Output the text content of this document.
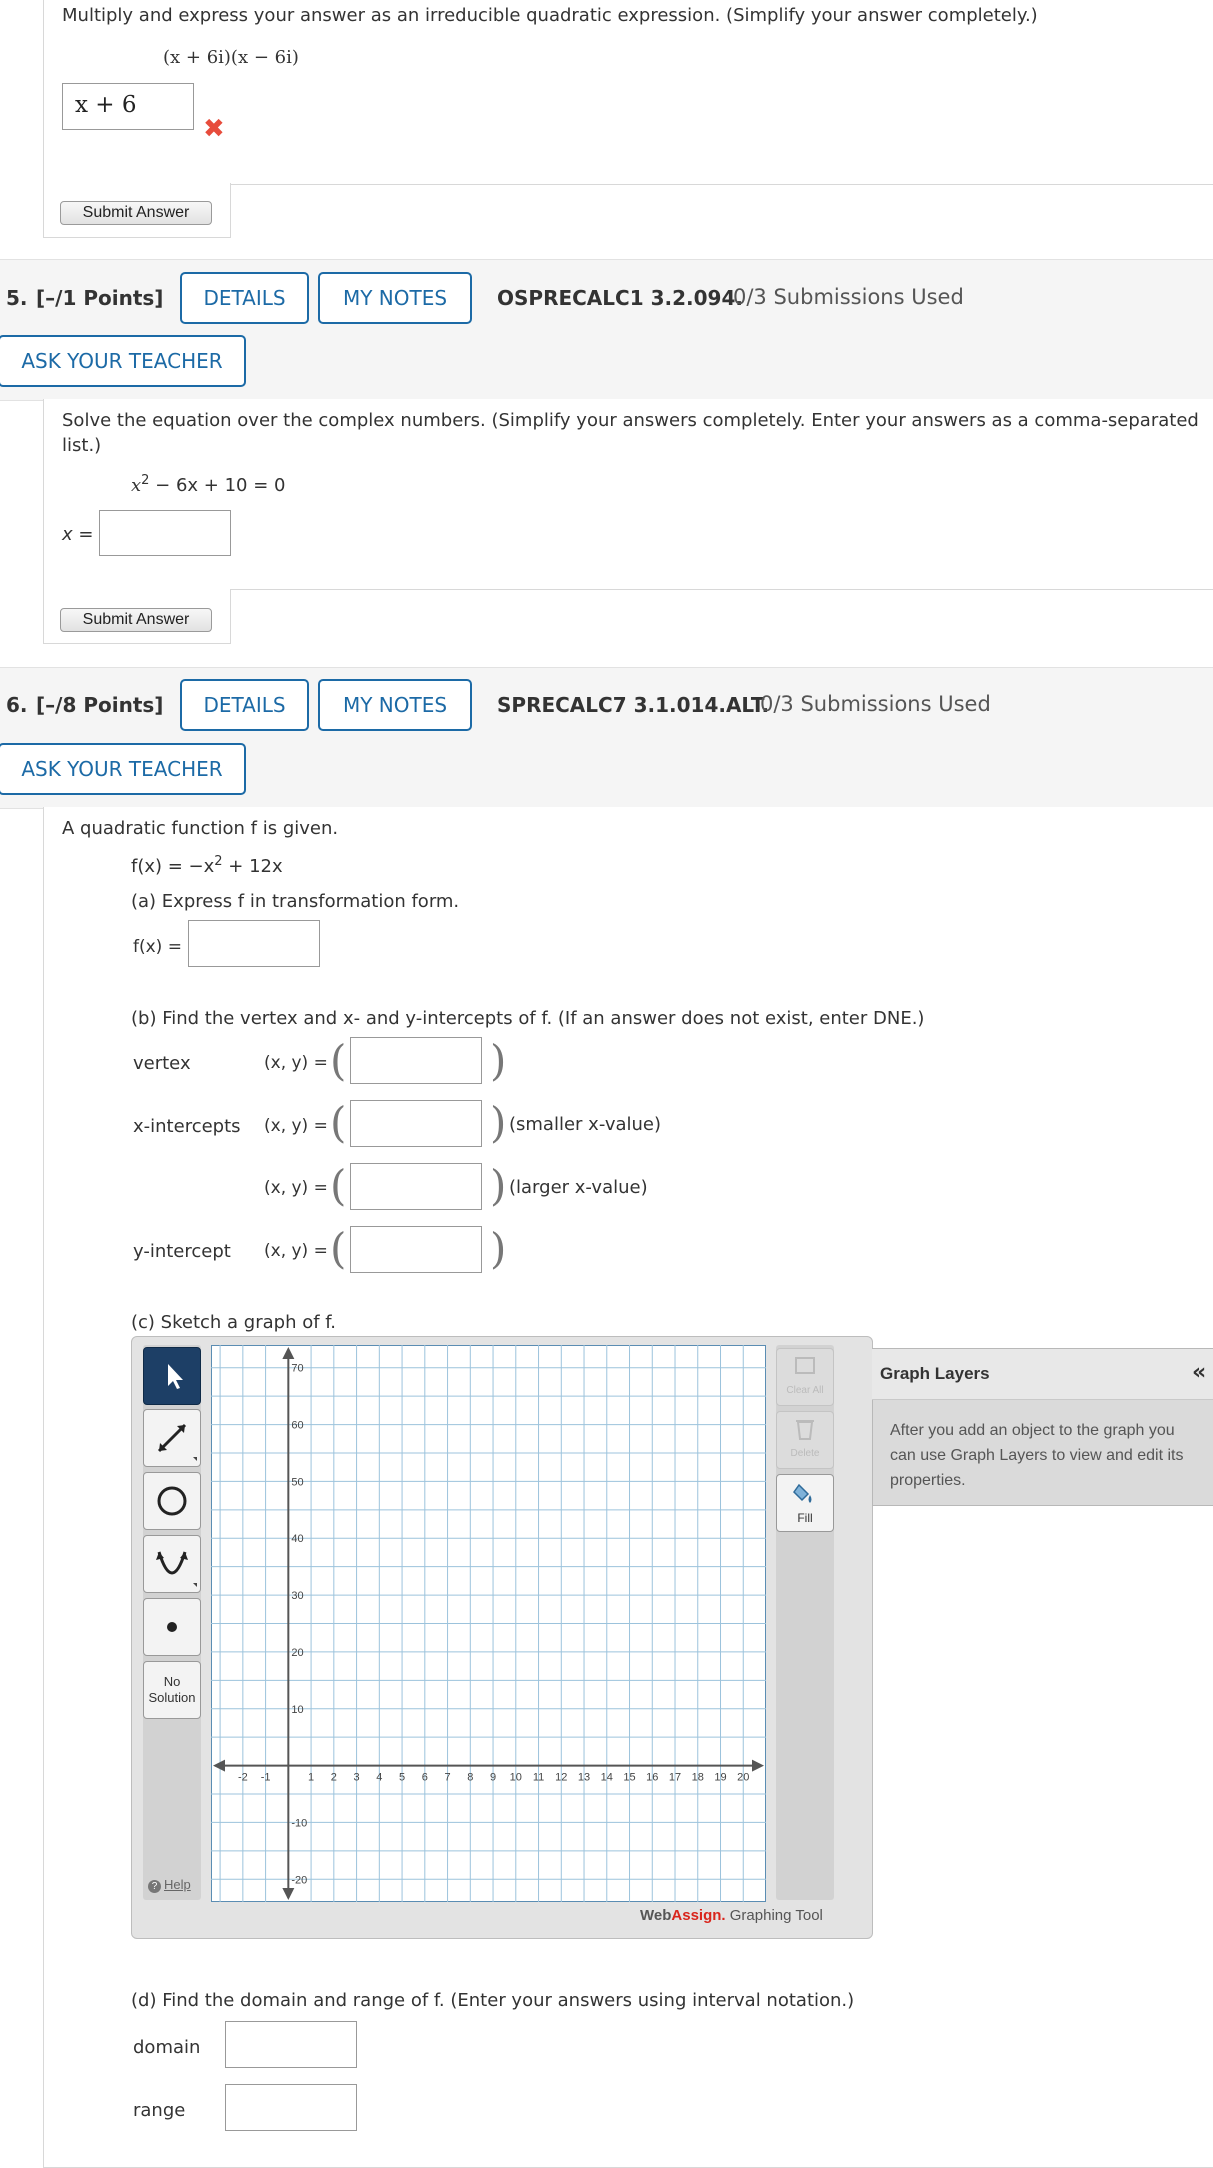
Multiply and express your answer as an irreducible quadratic expression. (Simplify your answer completely.)
(x + 6i)(x − 6i)
x + 6
✖
Submit Answer
5. [–/1 Points]	DETAILS	MY NOTES	OSPRECALC1 3.2.094.
0/3 Submissions Used
ASK YOUR TEACHER
Solve the equation over the complex numbers. (Simplify your answers completely. Enter your answers as a comma-separated
list.)
$x^2 - 6x + 10 = 0$
x =
Submit Answer
6. [–/8 Points]	DETAILS	MY NOTES	SPRECALC7 3.1.014.ALT.
0/3 Submissions Used
ASK YOUR TEACHER
A quadratic function f is given.
$f(x) = -x^2 + 12x$
(a) Express f in transformation form.
f(x) =
(b) Find the vertex and x- and y-intercepts of f. (If an answer does not exist, enter DNE.)
vertex	(x, y) = (	)
x-intercepts (x, y) = (	) (smaller x-value)
(x, y) = (	) (larger x-value)
y-intercept (x, y) = (	)
(c) Sketch a graph of f.
No
Solution
? Help
-2 -1	1 2 3 4 5 6 7 8 9 10 11 12 13 14 15 16 17 18 19 20
70
60
50
40
30
20
10
-10
-20
Clear All
Delete
Fill
WebAssign. Graphing Tool
Graph Layers	«
After you add an object to the graph you
can use Graph Layers to view and edit its
properties.
(d) Find the domain and range of f. (Enter your answers using interval notation.)
domain
range
